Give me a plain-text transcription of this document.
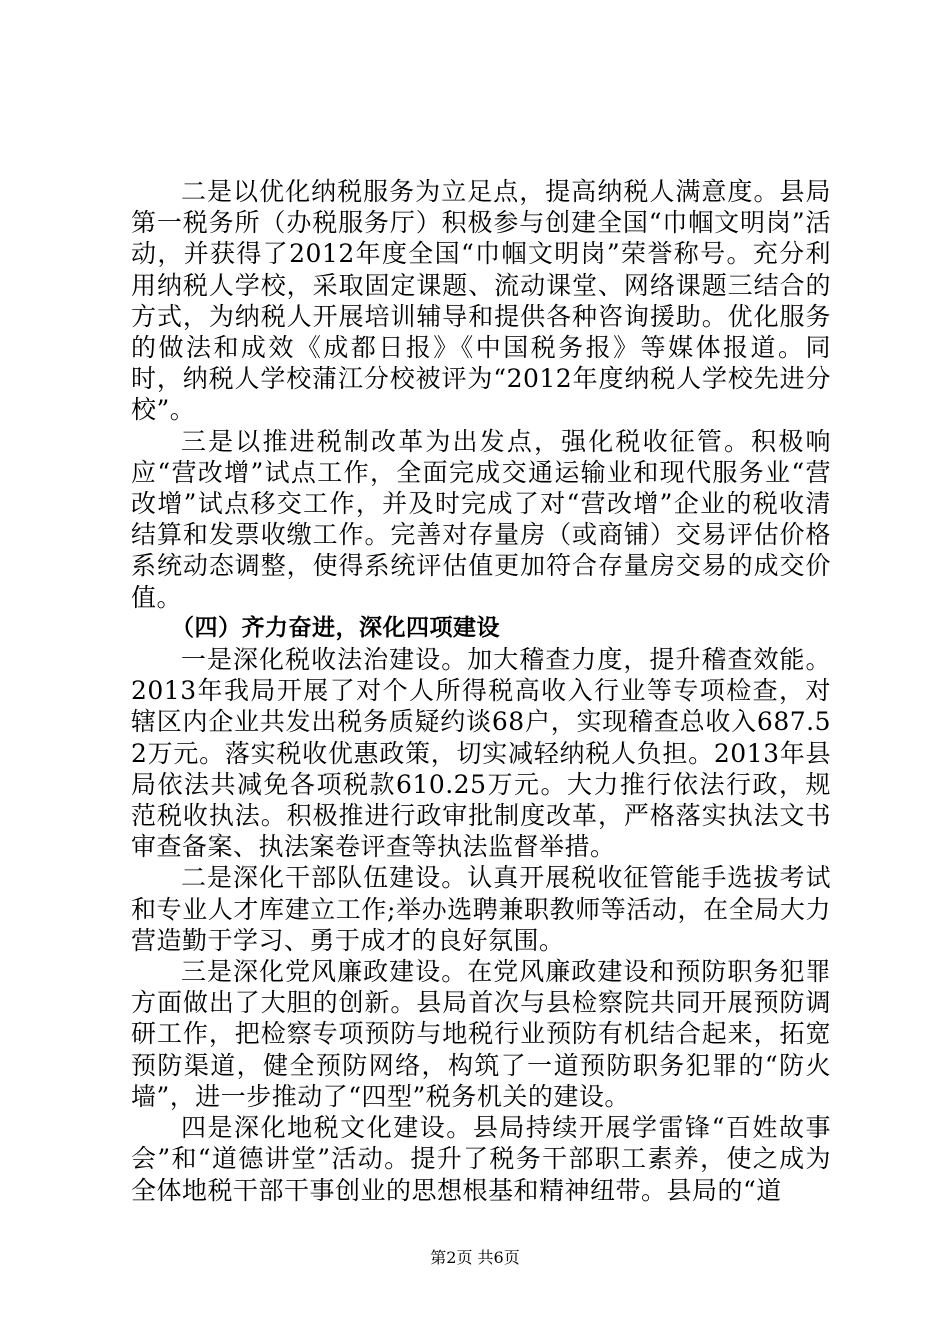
二是以优化纳税服务为立足点，提高纳税人满意度。县局第一税务所（办税服务厅）积极参与创建全国“巾帼文明岗”活动，并获得了2012年度全国“巾帼文明岗”荣誉称号。充分利用纳税人学校，采取固定课题、流动课堂、网络课题三结合的方式，为纳税人开展培训辅导和提供各种咨询援助。优化服务的做法和成效《成都日报》《中国税务报》等媒体报道。同时，纳税人学校蒲江分校被评为“2012年度纳税人学校先进分校”。

三是以推进税制改革为出发点，强化税收征管。积极响应“营改增”试点工作，全面完成交通运输业和现代服务业“营改增”试点移交工作，并及时完成了对“营改增”企业的税收清结算和发票收缴工作。完善对存量房（或商铺）交易评估价格系统动态调整，使得系统评估值更加符合存量房交易的成交价值。

（四）齐力奋进，深化四项建设

一是深化税收法治建设。加大稽查力度，提升稽查效能。2013年我局开展了对个人所得税高收入行业等专项检查，对辖区内企业共发出税务质疑约谈68户，实现稽查总收入687.52万元。落实税收优惠政策，切实减轻纳税人负担。2013年县局依法共减免各项税款610.25万元。大力推行依法行政，规范税收执法。积极推进行政审批制度改革，严格落实执法文书审查备案、执法案卷评查等执法监督举措。

二是深化干部队伍建设。认真开展税收征管能手选拔考试和专业人才库建立工作;举办选聘兼职教师等活动，在全局大力营造勤于学习、勇于成才的良好氛围。

三是深化党风廉政建设。在党风廉政建设和预防职务犯罪方面做出了大胆的创新。县局首次与县检察院共同开展预防调研工作，把检察专项预防与地税行业预防有机结合起来，拓宽预防渠道，健全预防网络，构筑了一道预防职务犯罪的“防火墙”，进一步推动了“四型”税务机关的建设。

四是深化地税文化建设。县局持续开展学雷锋“百姓故事会”和“道德讲堂”活动。提升了税务干部职工素养，使之成为全体地税干部干事创业的思想根基和精神纽带。县局的“道

第2页 共6页
